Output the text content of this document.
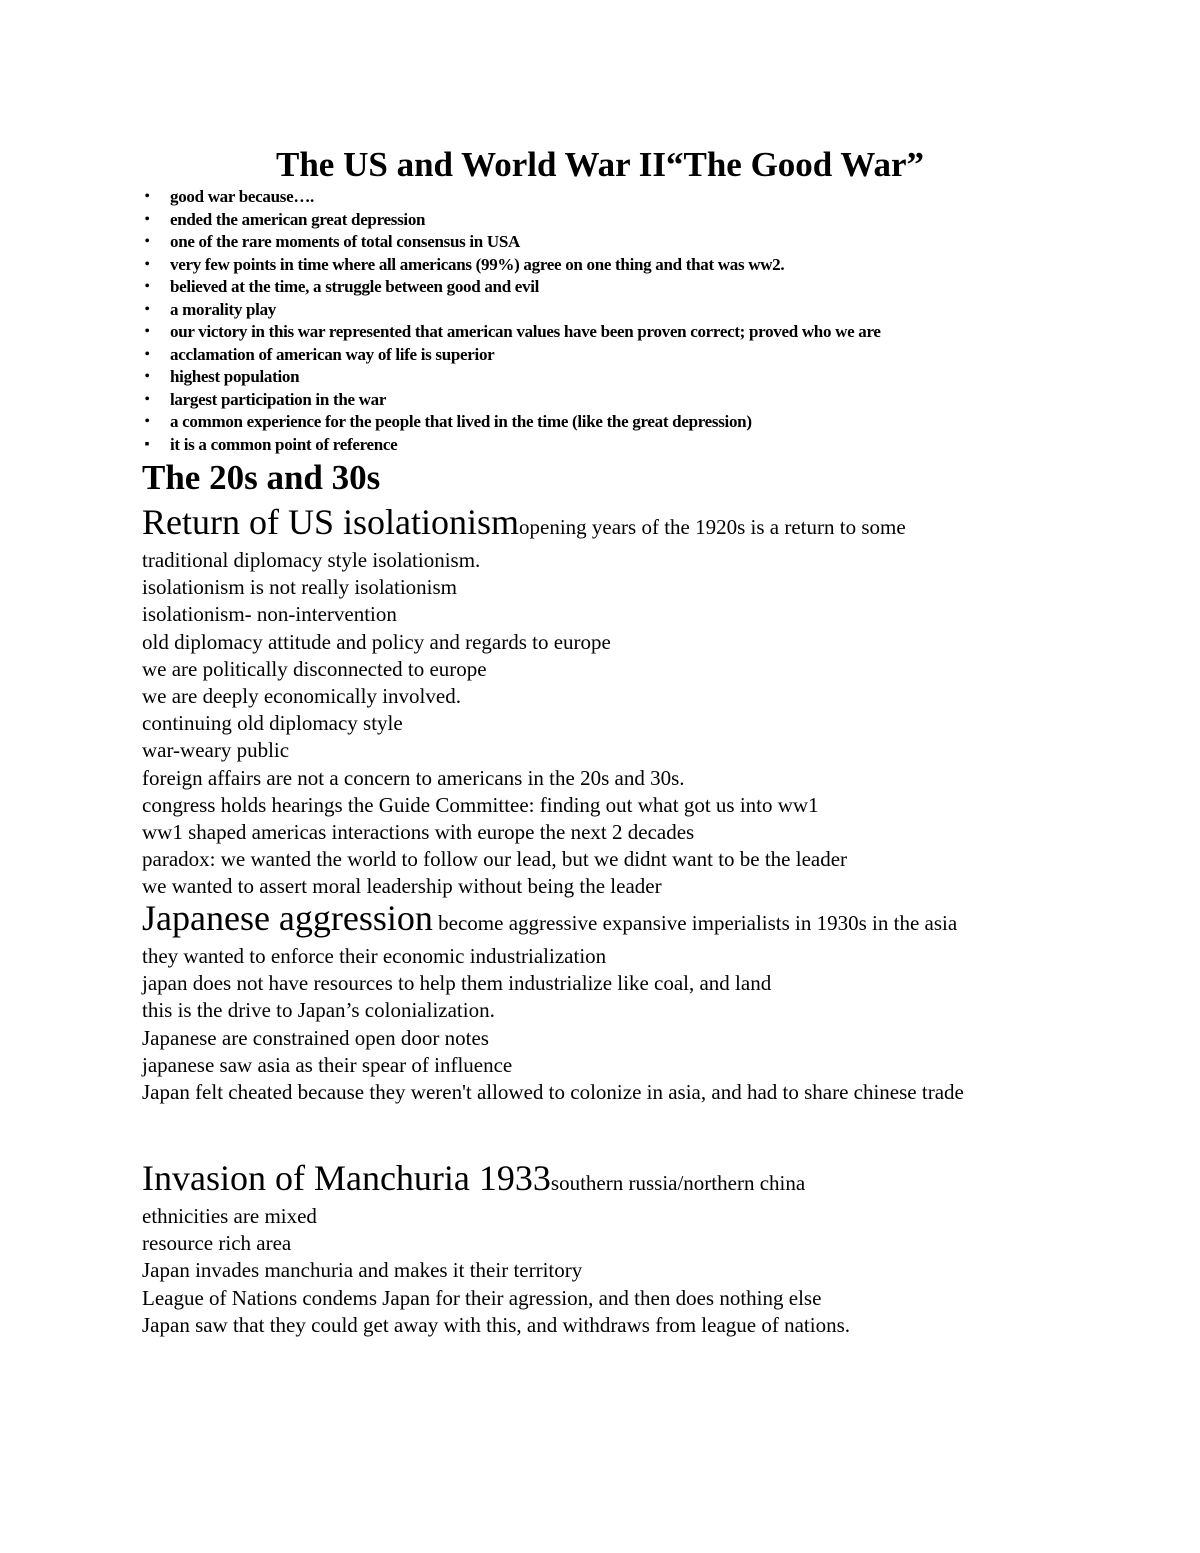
The US and World War II“The Good War”
• good war because….
• ended the american great depression
• one of the rare moments of total consensus in USA
• very few points in time where all americans (99%) agree on one thing and that was ww2.
• believed at the time, a struggle between good and evil
• a morality play
• our victory in this war represented that american values have been proven correct; proved who we are
• acclamation of american way of life is superior
• highest population
• largest participation in the war
• a common experience for the people that lived in the time (like the great depression)
▪ it is a common point of reference
The 20s and 30s
Return of US isolationismopening years of the 1920s is a return to some
traditional diplomacy style isolationism.
isolationism is not really isolationism
isolationism- non-intervention
old diplomacy attitude and policy and regards to europe
we are politically disconnected to europe
we are deeply economically involved.
continuing old diplomacy style
war-weary public
foreign affairs are not a concern to americans in the 20s and 30s.
congress holds hearings the Guide Committee: finding out what got us into ww1
ww1 shaped americas interactions with europe the next 2 decades
paradox: we wanted the world to follow our lead, but we didnt want to be the leader
we wanted to assert moral leadership without being the leader
Japanese aggression become aggressive expansive imperialists in 1930s in the asia
they wanted to enforce their economic industrialization
japan does not have resources to help them industrialize like coal, and land
this is the drive to Japan’s colonialization.
Japanese are constrained open door notes
japanese saw asia as their spear of influence
Japan felt cheated because they weren't allowed to colonize in asia, and had to share chinese trade
Invasion of Manchuria 1933southern russia/northern china
ethnicities are mixed
resource rich area
Japan invades manchuria and makes it their territory
League of Nations condems Japan for their agression, and then does nothing else
Japan saw that they could get away with this, and withdraws from league of nations.
